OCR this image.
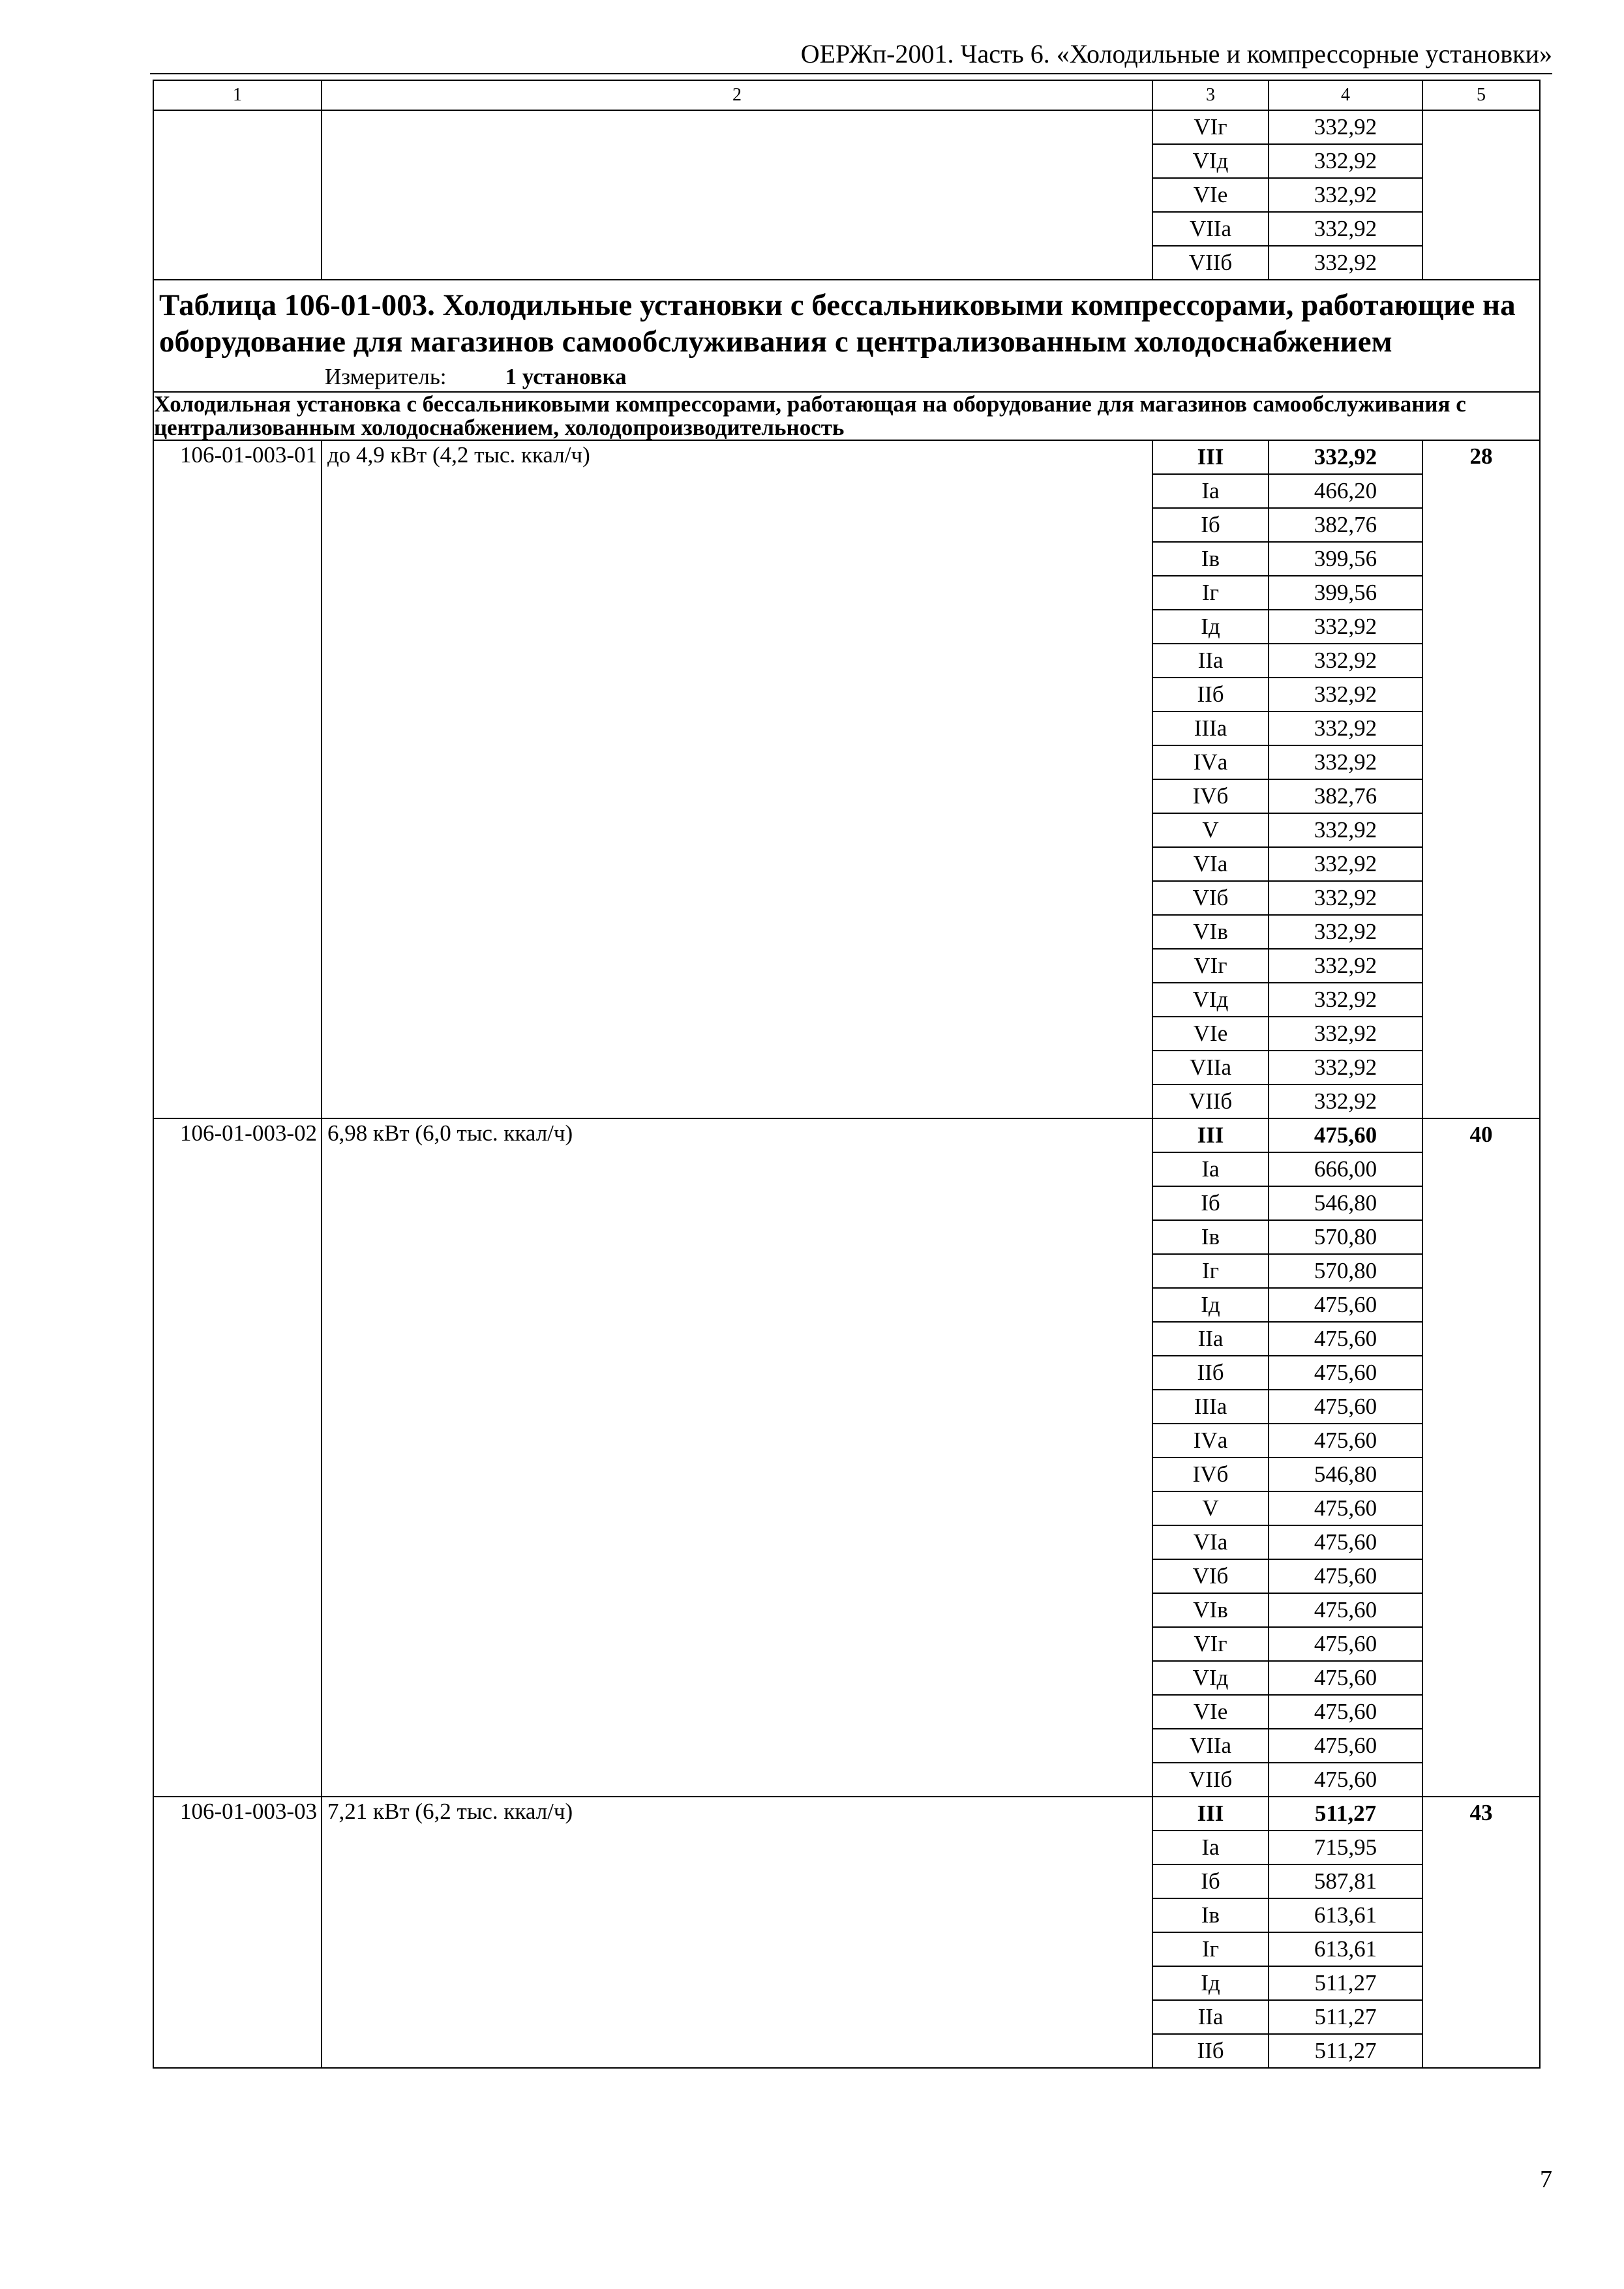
ОЕРЖп-2001. Часть 6. «Холодильные и компрессорные установки»
1	2	3	4	5
		VIг	332,92	
		VIд	332,92	
		VIе	332,92	
		VIIа	332,92	
		VIIб	332,92	

Таблица 106-01-003. Холодильные установки с бессальниковыми компрессорами, работающие на оборудование для магазинов самообслуживания с централизованным холодоснабжением
Измеритель: 1 установка				

Холодильная установка с бессальниковыми компрессорами, работающая на оборудование для магазинов самообслуживания с централизованным холодоснабжением, холодопроизводительность				
106-01-003-01	до 4,9 кВт (4,2 тыс. ккал/ч)	III	332,92	28
		Iа	466,20	
		Iб	382,76	
		Iв	399,56	
		Iг	399,56	
		Iд	332,92	
		IIа	332,92	
		IIб	332,92	
		IIIа	332,92	
		IVа	332,92	
		IVб	382,76	
		V	332,92	
		VIа	332,92	
		VIб	332,92	
		VIв	332,92	
		VIг	332,92	
		VIд	332,92	
		VIе	332,92	
		VIIа	332,92	
		VIIб	332,92	
106-01-003-02	6,98 кВт (6,0 тыс. ккал/ч)	III	475,60	40
		Iа	666,00	
		Iб	546,80	
		Iв	570,80	
		Iг	570,80	
		Iд	475,60	
		IIа	475,60	
		IIб	475,60	
		IIIа	475,60	
		IVа	475,60	
		IVб	546,80	
		V	475,60	
		VIа	475,60	
		VIб	475,60	
		VIв	475,60	
		VIг	475,60	
		VIд	475,60	
		VIе	475,60	
		VIIа	475,60	
		VIIб	475,60	
106-01-003-03	7,21 кВт (6,2 тыс. ккал/ч)	III	511,27	43
		Iа	715,95	
		Iб	587,81	
		Iв	613,61	
		Iг	613,61	
		Iд	511,27	
		IIа	511,27	
		IIб	511,27	
7
